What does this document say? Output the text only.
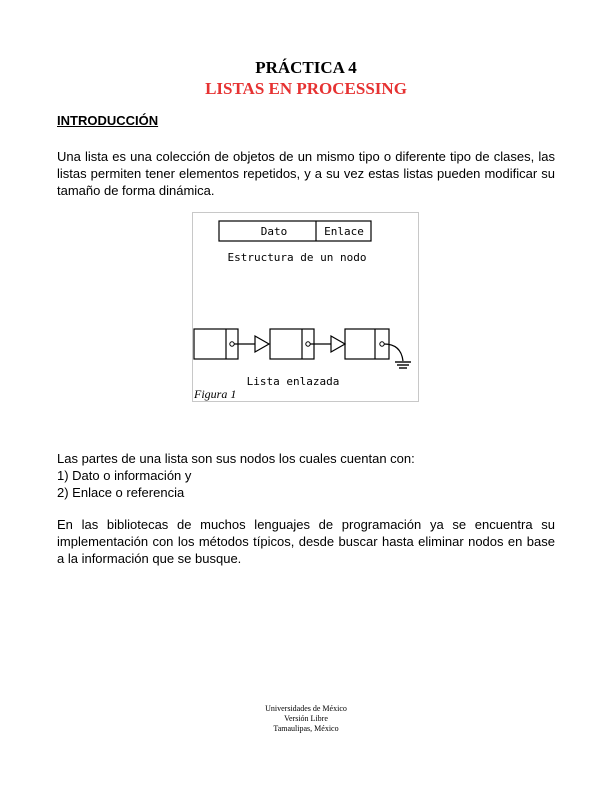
PRÁCTICA 4
LISTAS EN PROCESSING
INTRODUCCIÓN
Una lista es una colección de objetos de un mismo tipo o diferente tipo de clases, las listas permiten tener elementos repetidos, y a su vez estas listas pueden modificar su tamaño de forma dinámica.
Dato	Enlace
Estructura de un nodo
Lista enlazada
Figura 1
Las partes de una lista son sus nodos los cuales cuentan con:
1) Dato o información y
2) Enlace o referencia
En las bibliotecas de muchos lenguajes de programación ya se encuentra su implementación con los métodos típicos, desde buscar hasta eliminar nodos en base a la información que se busque.
Universidades de México
Versión Libre
Tamaulipas, México
